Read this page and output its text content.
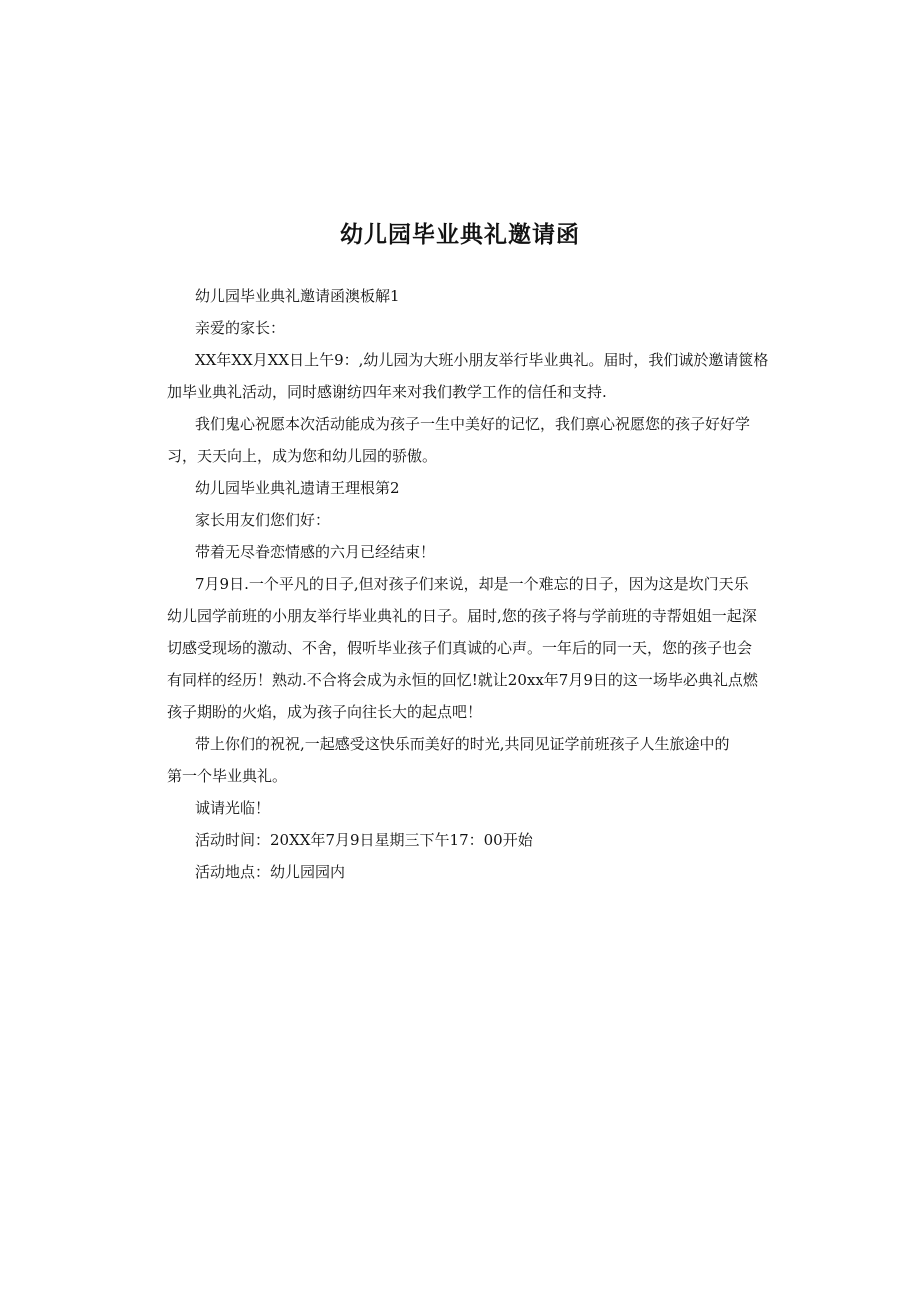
幼儿园毕业典礼邀请函

幼儿园毕业典礼邀请函澳板解1

亲爱的家长：

XX年XX月XX日上午9：,幼儿园为大班小朋友举行毕业典礼。届时，我们诚於邀请篋格

加毕业典礼活动，同时感谢纺四年来对我们教学工作的信任和支持.

我们鬼心祝愿本次活动能成为孩子一生中美好的记忆，我们禀心祝愿您的孩子好好学

习，天天向上，成为您和幼儿园的骄傲。

幼儿园毕业典礼遗请王理根第2

家长用友们您们好：

带着无尽眷恋情感的六月已经结束！

7月9日.一个平凡的日子,但对孩子们来说，却是一个难忘的日子，因为这是坎门天乐

幼儿园学前班的小朋友举行毕业典礼的日子。届时,您的孩子将与学前班的寺帮姐姐一起深

切感受现场的激动、不舍，假听毕业孩子们真诚的心声。一年后的同一天，您的孩子也会

有同样的经历！熟动.不合将会成为永恒的回忆!就让20xx年7月9日的这一场毕必典礼点燃

孩子期盼的火焰，成为孩子向往长大的起点吧！

带上你们的祝祝,一起感受这快乐而美好的时光,共同见证学前班孩子人生旅途中的

第一个毕业典礼。

诚请光临！

活动时间：20XX年7月9日星期三下午17：00开始

活动地点：幼儿园园内
